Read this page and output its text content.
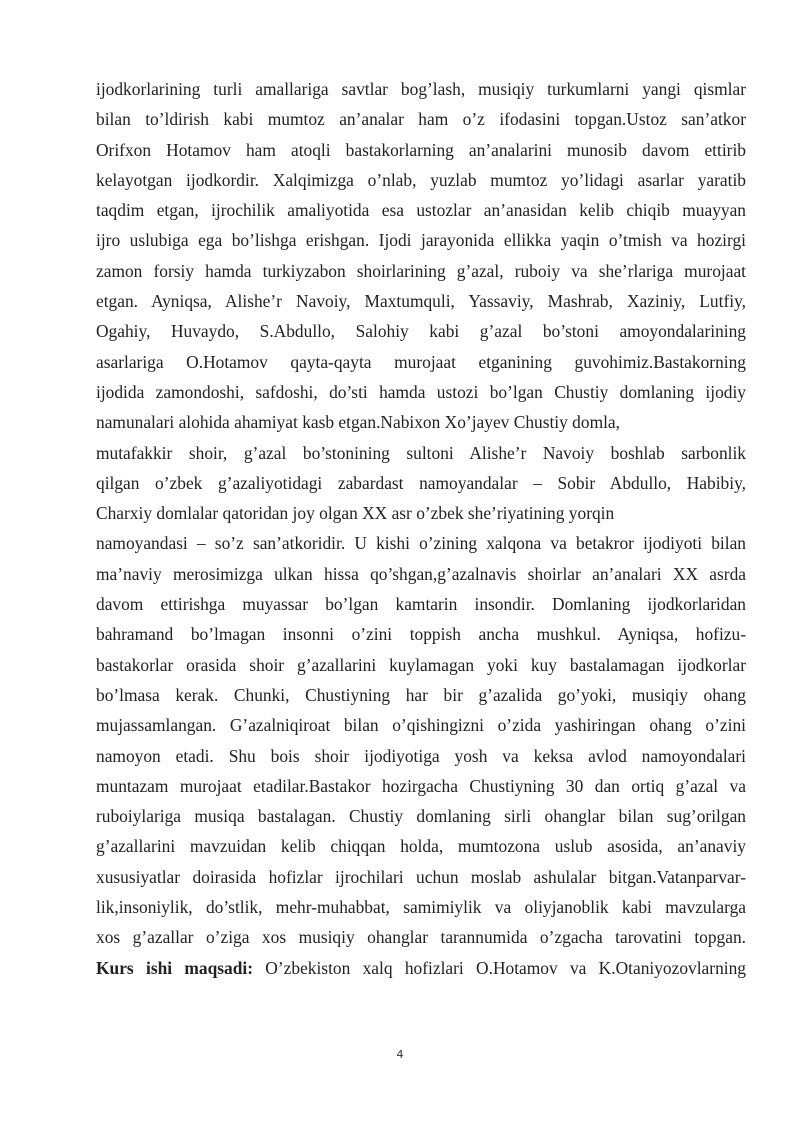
ijodkorlarining turli amallariga savtlar bog’lash, musiqiy turkumlarni yangi qismlar
bilan to’ldirish kabi mumtoz an’analar ham o’z ifodasini topgan.Ustoz san’atkor
Orifxon Hotamov ham atoqli bastakorlarning an’analarini munosib davom ettirib
kelayotgan ijodkordir. Xalqimizga o’nlab, yuzlab mumtoz yo’lidagi asarlar yaratib
taqdim etgan, ijrochilik amaliyotida esa ustozlar an’anasidan kelib chiqib muayyan
ijro uslubiga ega bo’lishga erishgan. Ijodi jarayonida ellikka yaqin o’tmish va hozirgi
zamon forsiy hamda turkiyzabon shoirlarining g’azal, ruboiy va she’rlariga murojaat
etgan. Ayniqsa, Alishe’r Navoiy, Maxtumquli, Yassaviy, Mashrab, Xaziniy, Lutfiy,
Ogahiy, Huvaydo, S.Abdullo, Salohiy kabi g’azal bo’stoni amoyondalarining
asarlariga O.Hotamov qayta-qayta murojaat etganining guvohimiz.Bastakorning
ijodida zamondoshi, safdoshi, do’sti hamda ustozi bo’lgan Chustiy domlaning ijodiy
namunalari alohida ahamiyat kasb etgan.Nabixon Xo’jayev Chustiy domla,
mutafakkir shoir, g’azal bo’stonining sultoni Alishe’r Navoiy boshlab sarbonlik
qilgan o’zbek g’azaliyotidagi zabardast namoyandalar – Sobir Abdullo, Habibiy,
Charxiy domlalar qatoridan joy olgan XX asr o’zbek she’riyatining yorqin
namoyandasi – so’z san’atkoridir. U kishi o’zining xalqona va betakror ijodiyoti bilan
ma’naviy merosimizga ulkan hissa qo’shgan,g’azalnavis shoirlar an’analari XX asrda
davom ettirishga muyassar bo’lgan kamtarin insondir. Domlaning ijodkorlaridan
bahramand bo’lmagan insonni o’zini toppish ancha mushkul. Ayniqsa, hofizu-
bastakorlar orasida shoir g’azallarini kuylamagan yoki kuy bastalamagan ijodkorlar
bo’lmasa kerak. Chunki, Chustiyning har bir g’azalida go’yoki, musiqiy ohang
mujassamlangan. G’azalniqiroat bilan o’qishingizni o’zida yashiringan ohang o’zini
namoyon etadi. Shu bois shoir ijodiyotiga yosh va keksa avlod namoyondalari
muntazam murojaat etadilar.Bastakor hozirgacha Chustiyning 30 dan ortiq g’azal va
ruboiylariga musiqa bastalagan. Chustiy domlaning sirli ohanglar bilan sug’orilgan
g’azallarini mavzuidan kelib chiqqan holda, mumtozona uslub asosida, an’anaviy
xususiyatlar doirasida hofizlar ijrochilari uchun moslab ashulalar bitgan.Vatanparvar-
lik,insoniylik, do’stlik, mehr-muhabbat, samimiylik va oliyjanoblik kabi mavzularga
xos g’azallar o’ziga xos musiqiy ohanglar tarannumida o’zgacha tarovatini topgan.
Kurs ishi maqsadi: O’zbekiston xalq hofizlari O.Hotamov va K.Otaniyozovlarning
4
